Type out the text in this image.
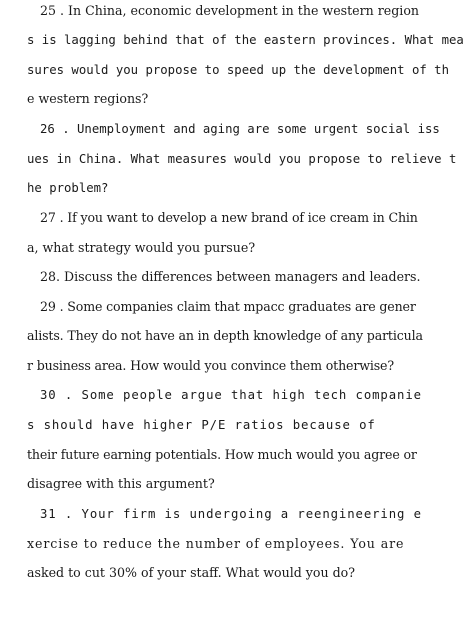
25 . In China, economic development in the western region
s is lagging behind that of the eastern provinces. What mea
sures would you propose to speed up the development of th
e western regions?
26 . Unemployment and aging are some urgent social iss
ues in China. What measures would you propose to relieve t
he problem?
27 . If you want to develop a new brand of ice cream in Chin
a, what strategy would you pursue?
28. Discuss the differences between managers and leaders.
29 . Some companies claim that mpacc graduates are gener
alists. They do not have an in depth knowledge of any particula
r business area. How would you convince them otherwise?
30 . Some people argue that high tech companie
s should have higher P/E ratios because of
their future earning potentials. How much would you agree or
disagree with this argument?
31 . Your firm is undergoing a reengineering e
xercise to reduce the number of employees. You are
asked to cut 30% of your staff. What would you do?
